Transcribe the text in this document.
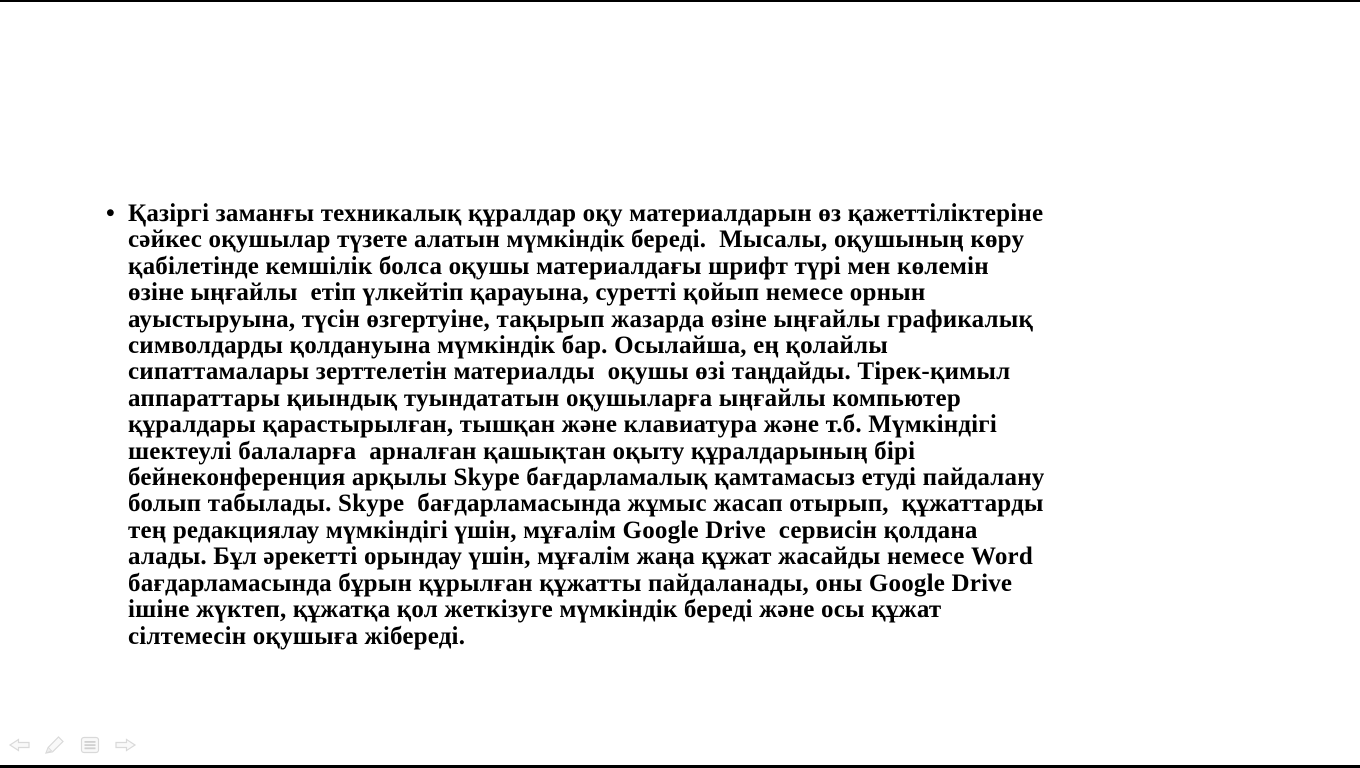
• Қазіргі заманғы техникалық құралдар оқу материалдарын өз қажеттіліктеріне
сәйкес оқушылар түзете алатын мүмкіндік береді.  Мысалы, оқушының көру
қабілетінде кемшілік болса оқушы материалдағы шрифт түрі мен көлемін
өзіне ыңғайлы  етіп үлкейтіп қарауына, суретті қойып немесе орнын
ауыстыруына, түсін өзгертуіне, тақырып жазарда өзіне ыңғайлы графикалық
символдарды қолдануына мүмкіндік бар. Осылайша, ең қолайлы
сипаттамалары зерттелетін материалды  оқушы өзі таңдайды. Тірек-қимыл
аппараттары қиындық туындататын оқушыларға ыңғайлы компьютер
құралдары қарастырылған, тышқан және клавиатура және т.б. Мүмкіндігі
шектеулі балаларға  арналған қашықтан оқыту құралдарының бірі
бейнеконференция арқылы Skype бағдарламалық қамтамасыз етуді пайдалану
болып табылады. Skype  бағдарламасында жұмыс жасап отырып,  құжаттарды
тең редакциялау мүмкіндігі үшін, мұғалім Google Drive  сервисін қолдана
алады. Бұл әрекетті орындау үшін, мұғалім жаңа құжат жасайды немесе Word
бағдарламасында бұрын құрылған құжатты пайдаланады, оны Google Drive
ішіне жүктеп, құжатқа қол жеткізуге мүмкіндік береді және осы құжат
сілтемесін оқушыға жібереді.
